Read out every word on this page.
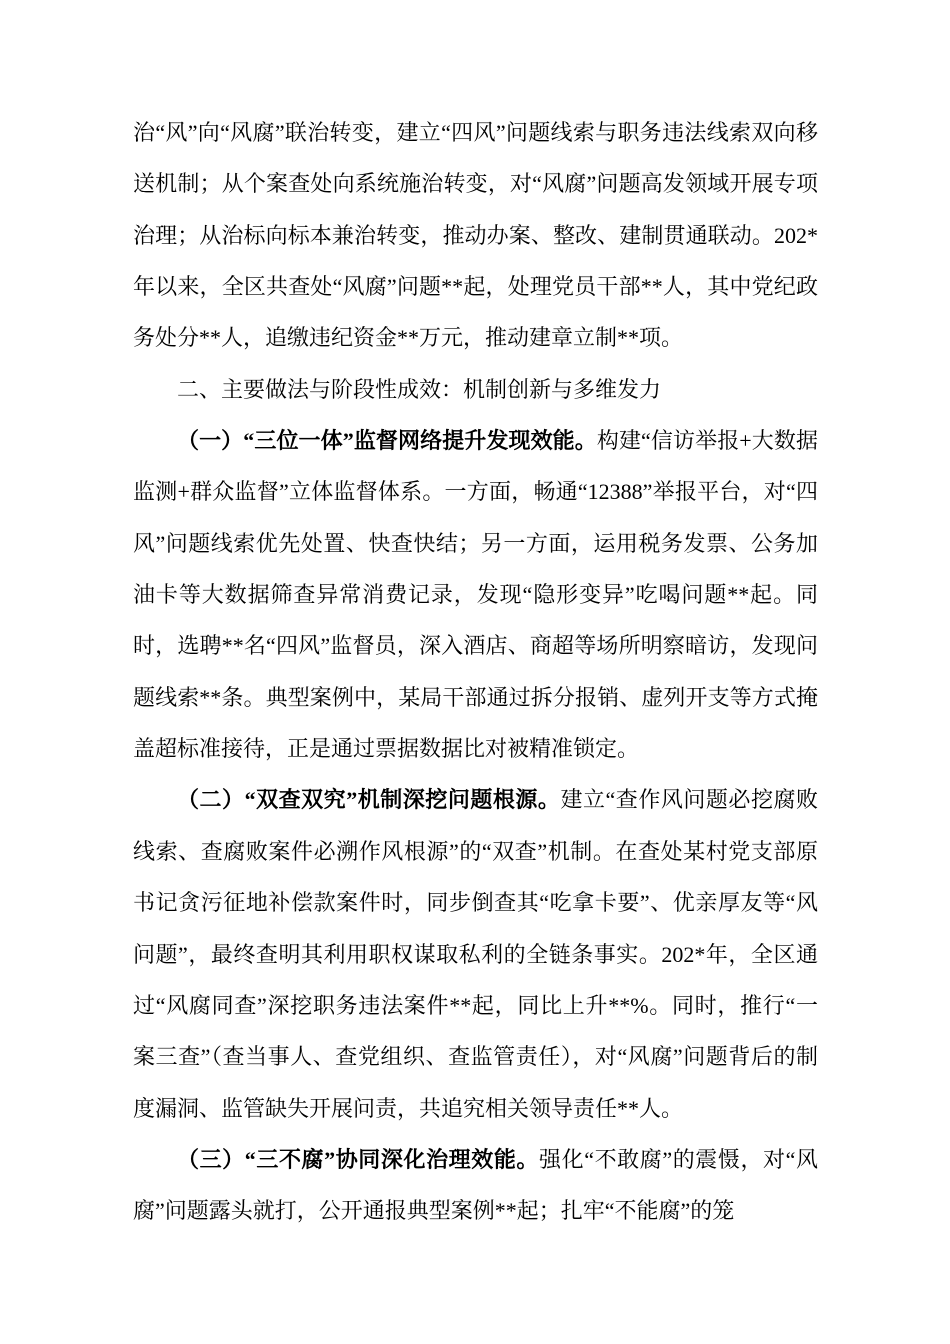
治“风”向“风腐”联治转变，建立“四风”问题线索与职务违法线索双向移送机制；从个案查处向系统施治转变，对“风腐”问题高发领域开展专项治理；从治标向标本兼治转变，推动办案、整改、建制贯通联动。202*年以来，全区共查处“风腐”问题**起，处理党员干部**人，其中党纪政务处分**人，追缴违纪资金**万元，推动建章立制**项。

二、主要做法与阶段性成效：机制创新与多维发力

（一）“三位一体”监督网络提升发现效能。构建“信访举报+大数据监测+群众监督”立体监督体系。一方面，畅通“12388”举报平台，对“四风”问题线索优先处置、快查快结；另一方面，运用税务发票、公务加油卡等大数据筛查异常消费记录，发现“隐形变异”吃喝问题**起。同时，选聘**名“四风”监督员，深入酒店、商超等场所明察暗访，发现问题线索**条。典型案例中，某局干部通过拆分报销、虚列开支等方式掩盖超标准接待，正是通过票据数据比对被精准锁定。

（二）“双查双究”机制深挖问题根源。建立“查作风问题必挖腐败线索、查腐败案件必溯作风根源”的“双查”机制。在查处某村党支部原书记贪污征地补偿款案件时，同步倒查其“吃拿卡要”、优亲厚友等“风问题”，最终查明其利用职权谋取私利的全链条事实。202*年，全区通过“风腐同查”深挖职务违法案件**起，同比上升**%。同时，推行“一案三查”（查当事人、查党组织、查监管责任），对“风腐”问题背后的制度漏洞、监管缺失开展问责，共追究相关领导责任**人。

（三）“三不腐”协同深化治理效能。强化“不敢腐”的震慑，对“风腐”问题露头就打，公开通报典型案例**起；扎牢“不能腐”的笼
